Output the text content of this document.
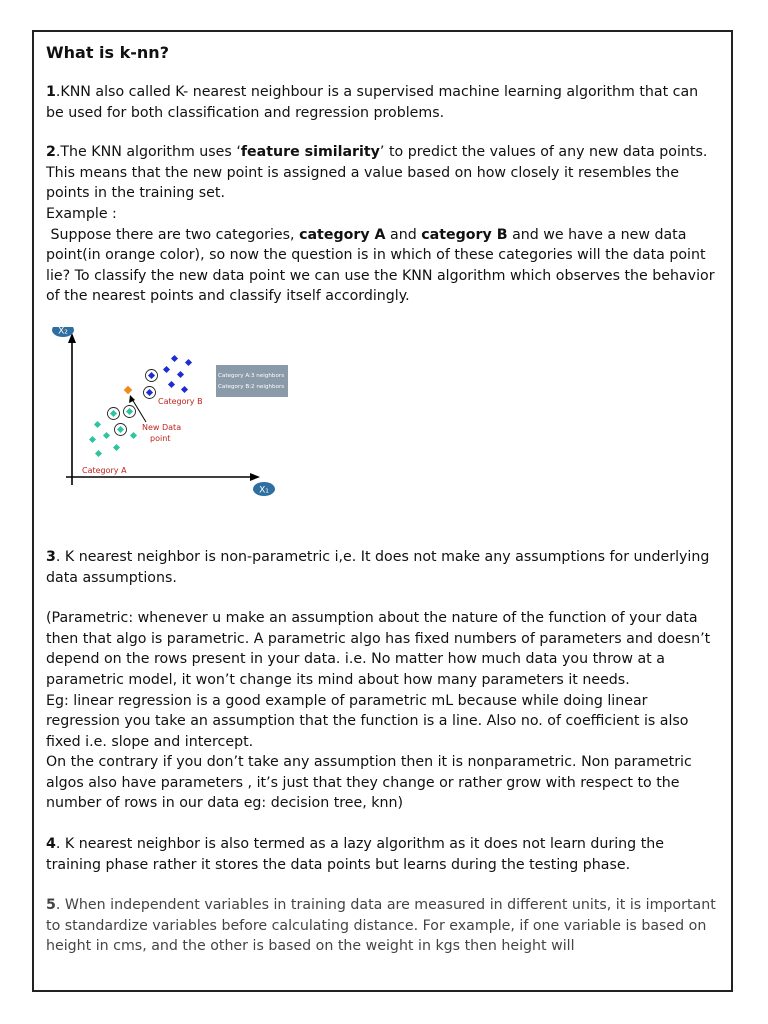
What is k-nn?

1.KNN also called K- nearest neighbour is a supervised machine learning algorithm that can be used for both classification and regression problems.

2.The KNN algorithm uses ‘feature similarity’ to predict the values of any new data points. This means that the new point is assigned a value based on how closely it resembles the points in the training set.
Example :
Suppose there are two categories, category A and category B and we have a new data point(in orange color), so now the question is in which of these categories will the data point lie? To classify the new data point we can use the KNN algorithm which observes the behavior of the nearest points and classify itself accordingly.

X₂
X₁
Category B
New Data
point
Category A
Category A:3 neighbors
Category B:2 neighbors

3. K nearest neighbor is non-parametric i,e. It does not make any assumptions for underlying data assumptions.

(Parametric: whenever u make an assumption about the nature of the function of your data then that algo is parametric. A parametric algo has fixed numbers of parameters and doesn’t depend on the rows present in your data. i.e. No matter how much data you throw at a parametric model, it won’t change its mind about how many parameters it needs.
Eg: linear regression is a good example of parametric mL because while doing linear regression you take an assumption that the function is a line. Also no. of coefficient is also fixed i.e. slope and intercept.
On the contrary if you don’t take any assumption then it is nonparametric. Non parametric algos also have parameters , it’s just that they change or rather grow with respect to the number of rows in our data eg: decision tree, knn)

4. K nearest neighbor is also termed as a lazy algorithm as it does not learn during the training phase rather it stores the data points but learns during the testing phase.

5. When independent variables in training data are measured in different units, it is important to standardize variables before calculating distance. For example, if one variable is based on height in cms, and the other is based on the weight in kgs then height will
